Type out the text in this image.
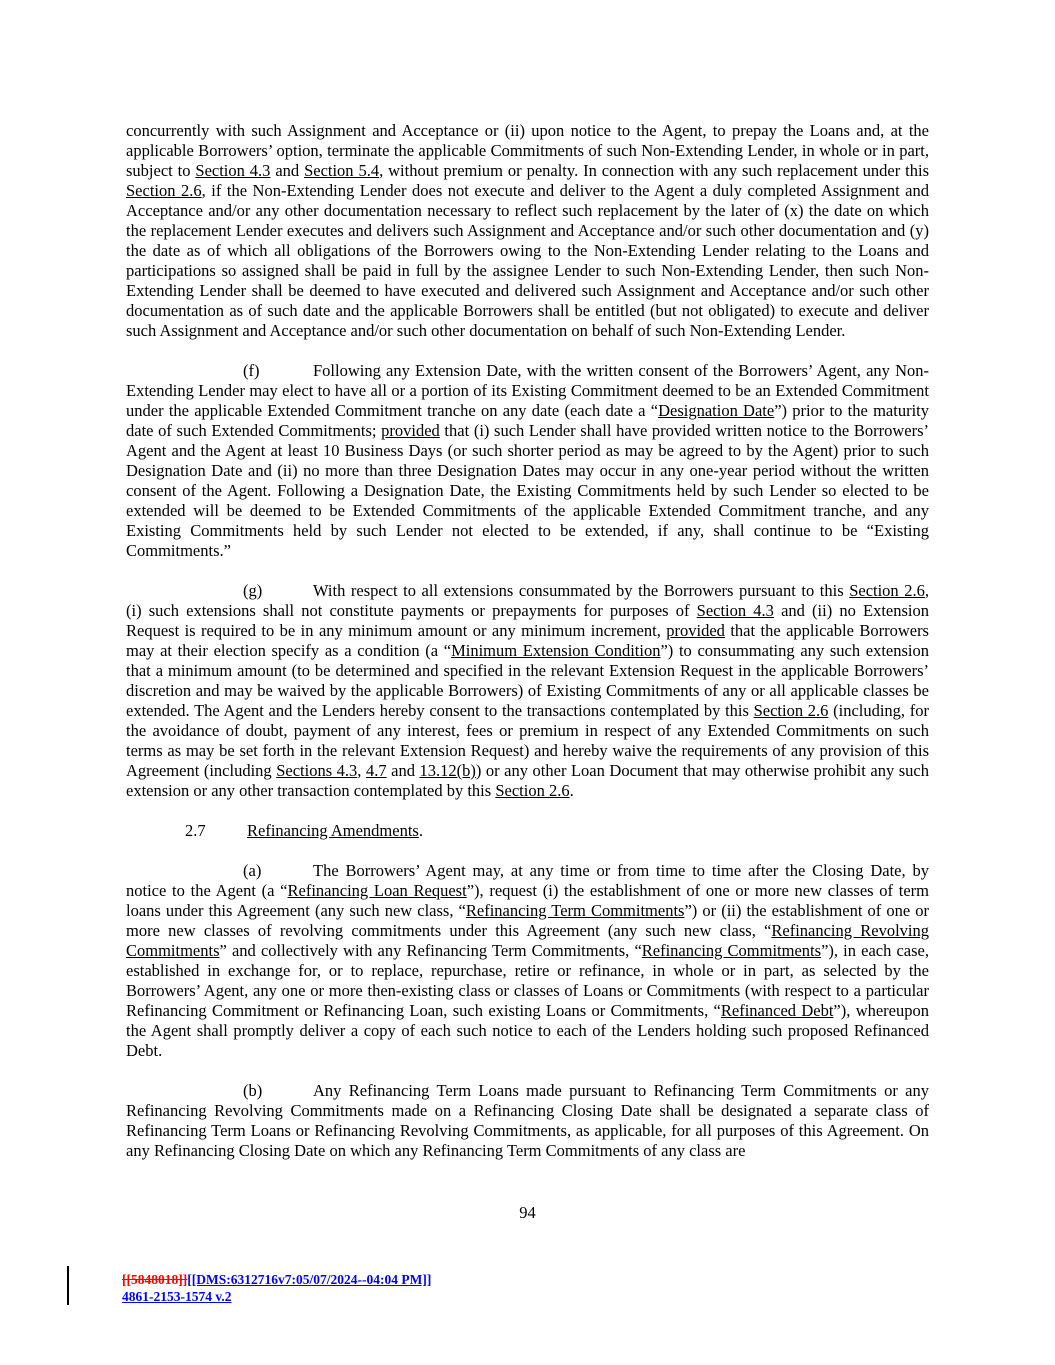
concurrently with such Assignment and Acceptance or (ii) upon notice to the Agent, to prepay the Loans and, at the applicable Borrowers’ option, terminate the applicable Commitments of such Non-Extending Lender, in whole or in part, subject to Section 4.3 and Section 5.4, without premium or penalty. In connection with any such replacement under this Section 2.6, if the Non-Extending Lender does not execute and deliver to the Agent a duly completed Assignment and Acceptance and/or any other documentation necessary to reflect such replacement by the later of (x) the date on which the replacement Lender executes and delivers such Assignment and Acceptance and/or such other documentation and (y) the date as of which all obligations of the Borrowers owing to the Non-Extending Lender relating to the Loans and participations so assigned shall be paid in full by the assignee Lender to such Non-Extending Lender, then such Non-Extending Lender shall be deemed to have executed and delivered such Assignment and Acceptance and/or such other documentation as of such date and the applicable Borrowers shall be entitled (but not obligated) to execute and deliver such Assignment and Acceptance and/or such other documentation on behalf of such Non-Extending Lender.

(f)	Following any Extension Date, with the written consent of the Borrowers’ Agent, any Non-Extending Lender may elect to have all or a portion of its Existing Commitment deemed to be an Extended Commitment under the applicable Extended Commitment tranche on any date (each date a “Designation Date”) prior to the maturity date of such Extended Commitments; provided that (i) such Lender shall have provided written notice to the Borrowers’ Agent and the Agent at least 10 Business Days (or such shorter period as may be agreed to by the Agent) prior to such Designation Date and (ii) no more than three Designation Dates may occur in any one-year period without the written consent of the Agent. Following a Designation Date, the Existing Commitments held by such Lender so elected to be extended will be deemed to be Extended Commitments of the applicable Extended Commitment tranche, and any Existing Commitments held by such Lender not elected to be extended, if any, shall continue to be “Existing Commitments.”

(g)	With respect to all extensions consummated by the Borrowers pursuant to this Section 2.6, (i) such extensions shall not constitute payments or prepayments for purposes of Section 4.3 and (ii) no Extension Request is required to be in any minimum amount or any minimum increment, provided that the applicable Borrowers may at their election specify as a condition (a “Minimum Extension Condition”) to consummating any such extension that a minimum amount (to be determined and specified in the relevant Extension Request in the applicable Borrowers’ discretion and may be waived by the applicable Borrowers) of Existing Commitments of any or all applicable classes be extended. The Agent and the Lenders hereby consent to the transactions contemplated by this Section 2.6 (including, for the avoidance of doubt, payment of any interest, fees or premium in respect of any Extended Commitments on such terms as may be set forth in the relevant Extension Request) and hereby waive the requirements of any provision of this Agreement (including Sections 4.3, 4.7 and 13.12(b)) or any other Loan Document that may otherwise prohibit any such extension or any other transaction contemplated by this Section 2.6.

2.7	Refinancing Amendments.

(a)	The Borrowers’ Agent may, at any time or from time to time after the Closing Date, by notice to the Agent (a “Refinancing Loan Request”), request (i) the establishment of one or more new classes of term loans under this Agreement (any such new class, “Refinancing Term Commitments”) or (ii) the establishment of one or more new classes of revolving commitments under this Agreement (any such new class, “Refinancing Revolving Commitments” and collectively with any Refinancing Term Commitments, “Refinancing Commitments”), in each case, established in exchange for, or to replace, repurchase, retire or refinance, in whole or in part, as selected by the Borrowers’ Agent, any one or more then-existing class or classes of Loans or Commitments (with respect to a particular Refinancing Commitment or Refinancing Loan, such existing Loans or Commitments, “Refinanced Debt”), whereupon the Agent shall promptly deliver a copy of each such notice to each of the Lenders holding such proposed Refinanced Debt.

(b)	Any Refinancing Term Loans made pursuant to Refinancing Term Commitments or any Refinancing Revolving Commitments made on a Refinancing Closing Date shall be designated a separate class of Refinancing Term Loans or Refinancing Revolving Commitments, as applicable, for all purposes of this Agreement. On any Refinancing Closing Date on which any Refinancing Term Commitments of any class are

94
[[5848018]][[DMS:6312716v7:05/07/2024--04:04 PM]]
4861-2153-1574 v.2
